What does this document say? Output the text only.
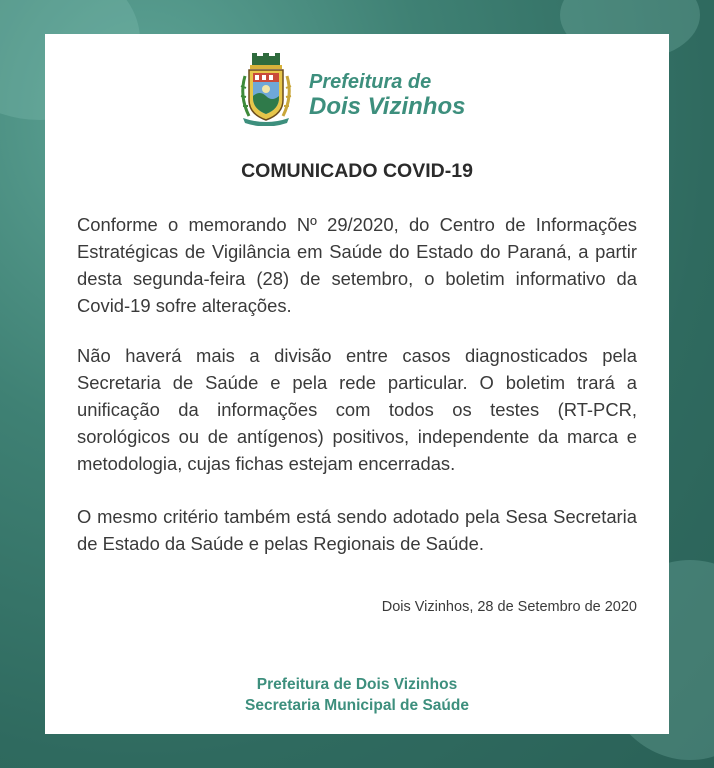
Prefeitura de
Dois Vizinhos
COMUNICADO COVID-19

Conforme o memorando Nº 29/2020, do Centro de Informações Estratégicas de Vigilância em Saúde do Estado do Paraná, a partir desta segunda-feira (28) de setembro, o boletim informativo da Covid-19 sofre alterações.

Não haverá mais a divisão entre casos diagnosticados pela Secretaria de Saúde e pela rede particular. O boletim trará a unificação da informações com todos os testes (RT-PCR, sorológicos ou de antígenos) positivos, independente da marca e metodologia, cujas fichas estejam encerradas.

O mesmo critério também está sendo adotado pela Sesa Secretaria de Estado da Saúde e pelas Regionais de Saúde.

Dois Vizinhos, 28 de Setembro de 2020
Prefeitura de Dois Vizinhos
Secretaria Municipal de Saúde
